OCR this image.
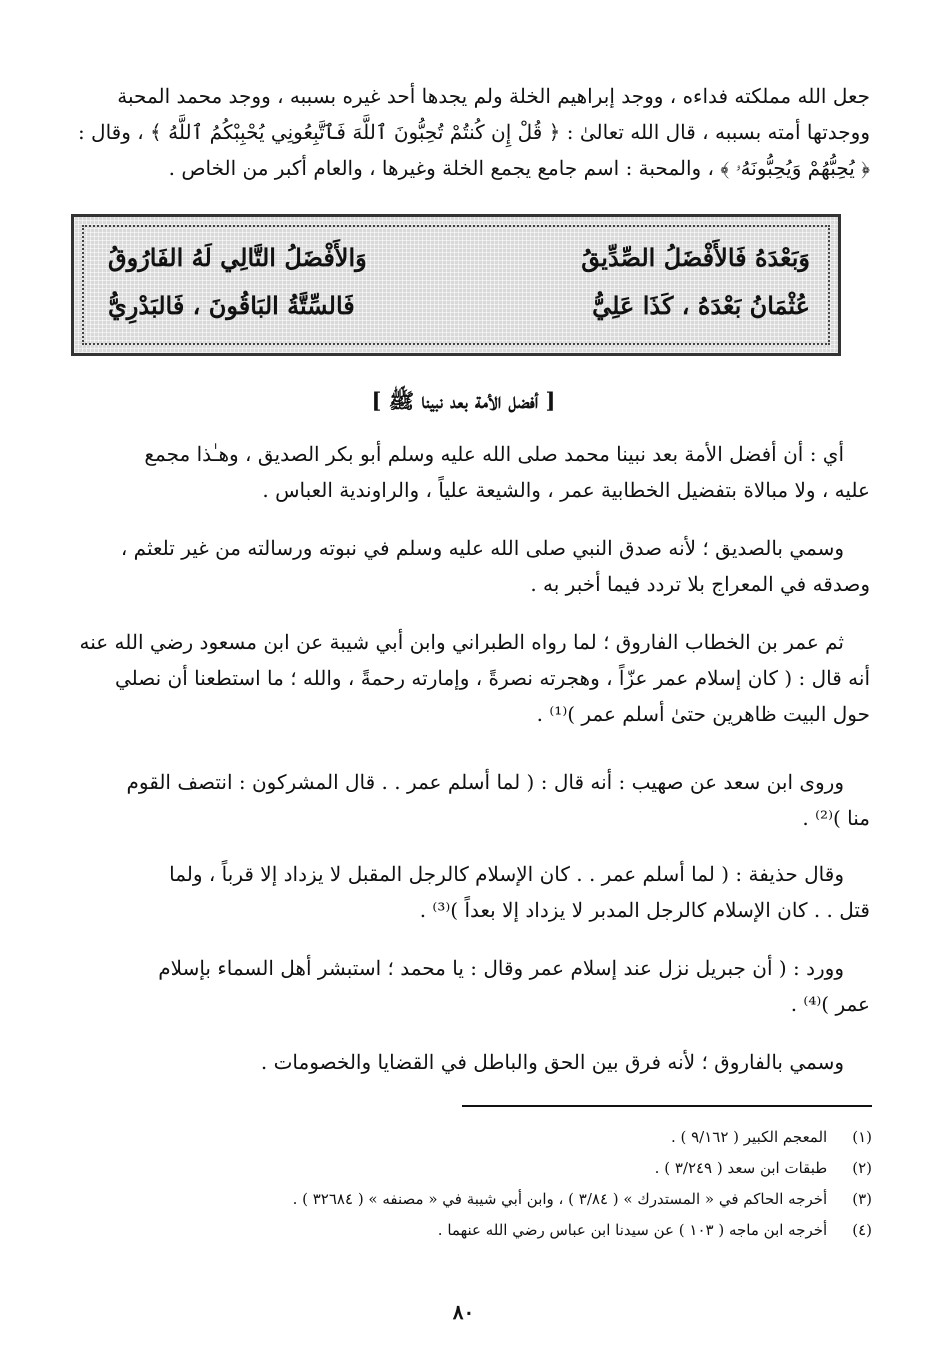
جعل الله مملكته فداءه ، ووجد إبراهيم الخلة ولم يجدها أحد غيره بسببه ، ووجد محمد المحبة
ووجدتها أمته بسببه ، قال الله تعالىٰ : ﴿ قُلْ إِن كُنتُمْ تُحِبُّونَ ٱللَّهَ فَٱتَّبِعُونِي يُحْبِبْكُمُ ٱللَّهُ ﴾ ، وقال :
﴿ يُحِبُّهُمْ وَيُحِبُّونَهُۥ ﴾ ، والمحبة : اسم جامع يجمع الخلة وغيرها ، والعام أكبر من الخاص .
وَبَعْدَهُ فَالأَفْضَلُ الصِّدِّيقُ
وَالأَفْضَلُ التَّالِي لَهُ الفَارُوقُ
عُثْمَانُ بَعْدَهُ ، كَذَا عَلِيُّ
فَالسِّتَّةُ البَاقُونَ ، فَالبَدْرِيُّ
[ أفضل الأمة بعد نبينا ﷺ ]
أي : أن أفضل الأمة بعد نبينا محمد صلى الله عليه وسلم أبو بكر الصديق ، وهـٰذا مجمع
عليه ، ولا مبالاة بتفضيل الخطابية عمر ، والشيعة علياً ، والراوندية العباس .
وسمي بالصديق ؛ لأنه صدق النبي صلى الله عليه وسلم في نبوته ورسالته من غير تلعثم ،
وصدقه في المعراج بلا تردد فيما أخبر به .
ثم عمر بن الخطاب الفاروق ؛ لما رواه الطبراني وابن أبي شيبة عن ابن مسعود رضي الله عنه
أنه قال : ( كان إسلام عمر عزّاً ، وهجرته نصرةً ، وإمارته رحمةً ، والله ؛ ما استطعنا أن نصلي
حول البيت ظاهرين حتىٰ أسلم عمر )⁽¹⁾ .
وروى ابن سعد عن صهيب : أنه قال : ( لما أسلم عمر . . قال المشركون : انتصف القوم
منا )⁽²⁾ .
وقال حذيفة : ( لما أسلم عمر . . كان الإسلام كالرجل المقبل لا يزداد إلا قرباً ، ولما
قتل . . كان الإسلام كالرجل المدبر لا يزداد إلا بعداً )⁽³⁾ .
وورد : ( أن جبريل نزل عند إسلام عمر وقال : يا محمد ؛ استبشر أهل السماء بإسلام
عمر )⁽⁴⁾ .
وسمي بالفاروق ؛ لأنه فرق بين الحق والباطل في القضايا والخصومات .
(١) المعجم الكبير ( ٩/١٦٢ ) .
(٢) طبقات ابن سعد ( ٣/٢٤٩ ) .
(٣) أخرجه الحاكم في « المستدرك » ( ٣/٨٤ ) ، وابن أبي شيبة في « مصنفه » ( ٣٢٦٨٤ ) .
(٤) أخرجه ابن ماجه ( ١٠٣ ) عن سيدنا ابن عباس رضي الله عنهما .
٨٠
